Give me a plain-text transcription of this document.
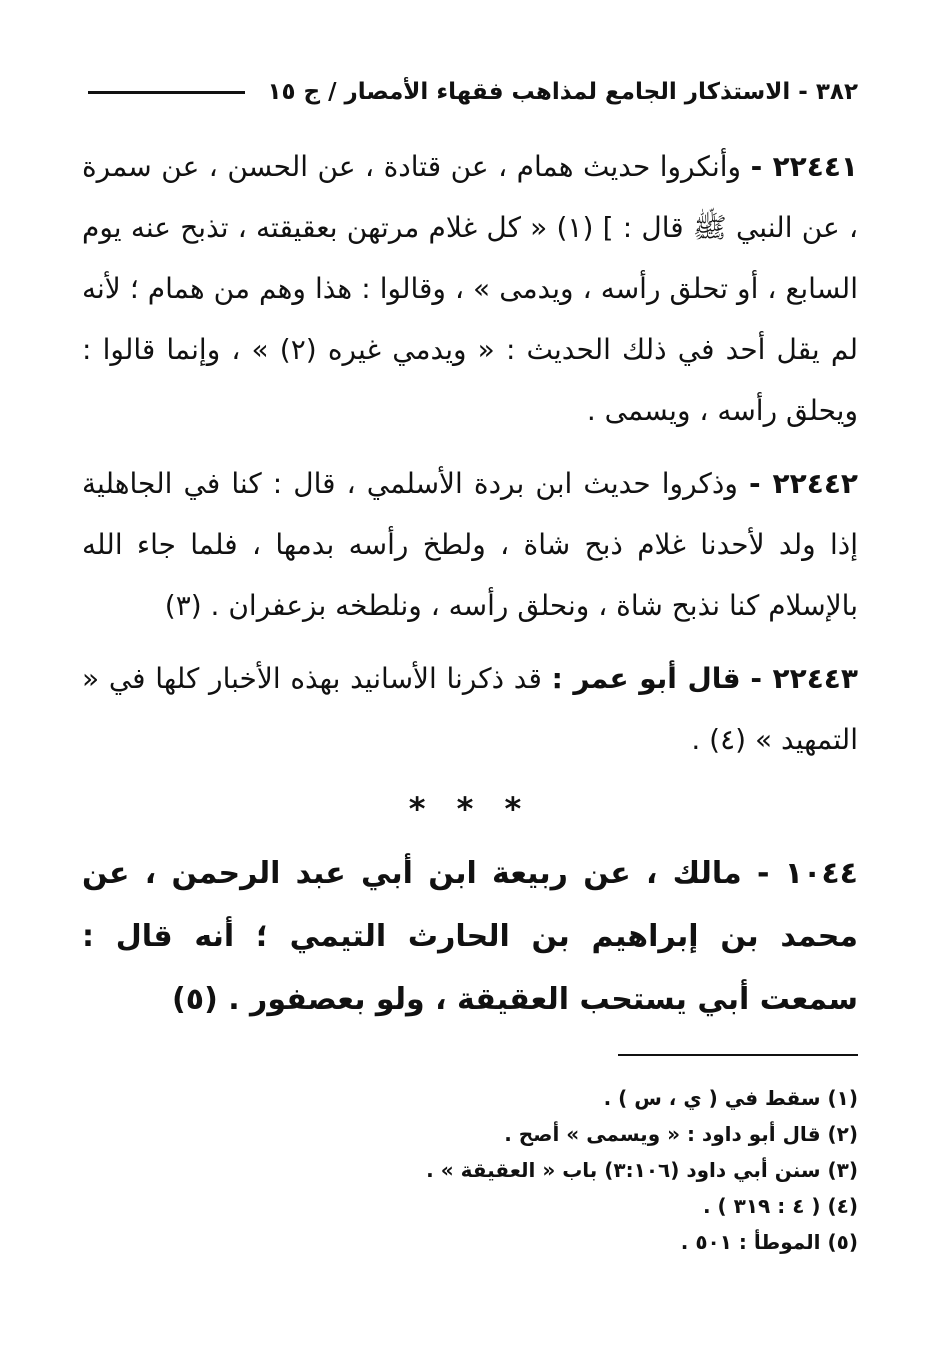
٣٨٢ - الاستذكار الجامع لمذاهب فقهاء الأمصار / ج ١٥

٢٢٤٤١ - وأنكروا حديث همام ، عن قتادة ، عن الحسن ، عن سمرة ، عن النبي ﷺ قال : ] (١) « كل غلام مرتهن بعقيقته ، تذبح عنه يوم السابع ، أو تحلق رأسه ، ويدمى » ، وقالوا : هذا وهم من همام ؛ لأنه لم يقل أحد في ذلك الحديث : « ويدمي غيره (٢) » ، وإنما قالوا : ويحلق رأسه ، ويسمى .

٢٢٤٤٢ - وذكروا حديث ابن بردة الأسلمي ، قال : كنا في الجاهلية إذا ولد لأحدنا غلام ذبح شاة ، ولطخ رأسه بدمها ، فلما جاء الله بالإسلام كنا نذبح شاة ، ونحلق رأسه ، ونلطخه بزعفران . (٣)

٢٢٤٤٣ - قال أبو عمر : قد ذكرنا الأسانيد بهذه الأخبار كلها في « التمهيد » (٤) .

* * *
١٠٤٤ - مالك ، عن ربيعة ابن أبي عبد الرحمن ، عن محمد بن إبراهيم بن الحارث التيمي ؛ أنه قال : سمعت أبي يستحب العقيقة ، ولو بعصفور . (٥)

(١) سقط في ( ي ، س ) .

(٢) قال أبو داود : « ويسمى » أصح .

(٣) سنن أبي داود (٣:١٠٦) باب « العقيقة » .

(٤) ( ٤ : ٣١٩ ) .

(٥) الموطأ : ٥٠١ .
